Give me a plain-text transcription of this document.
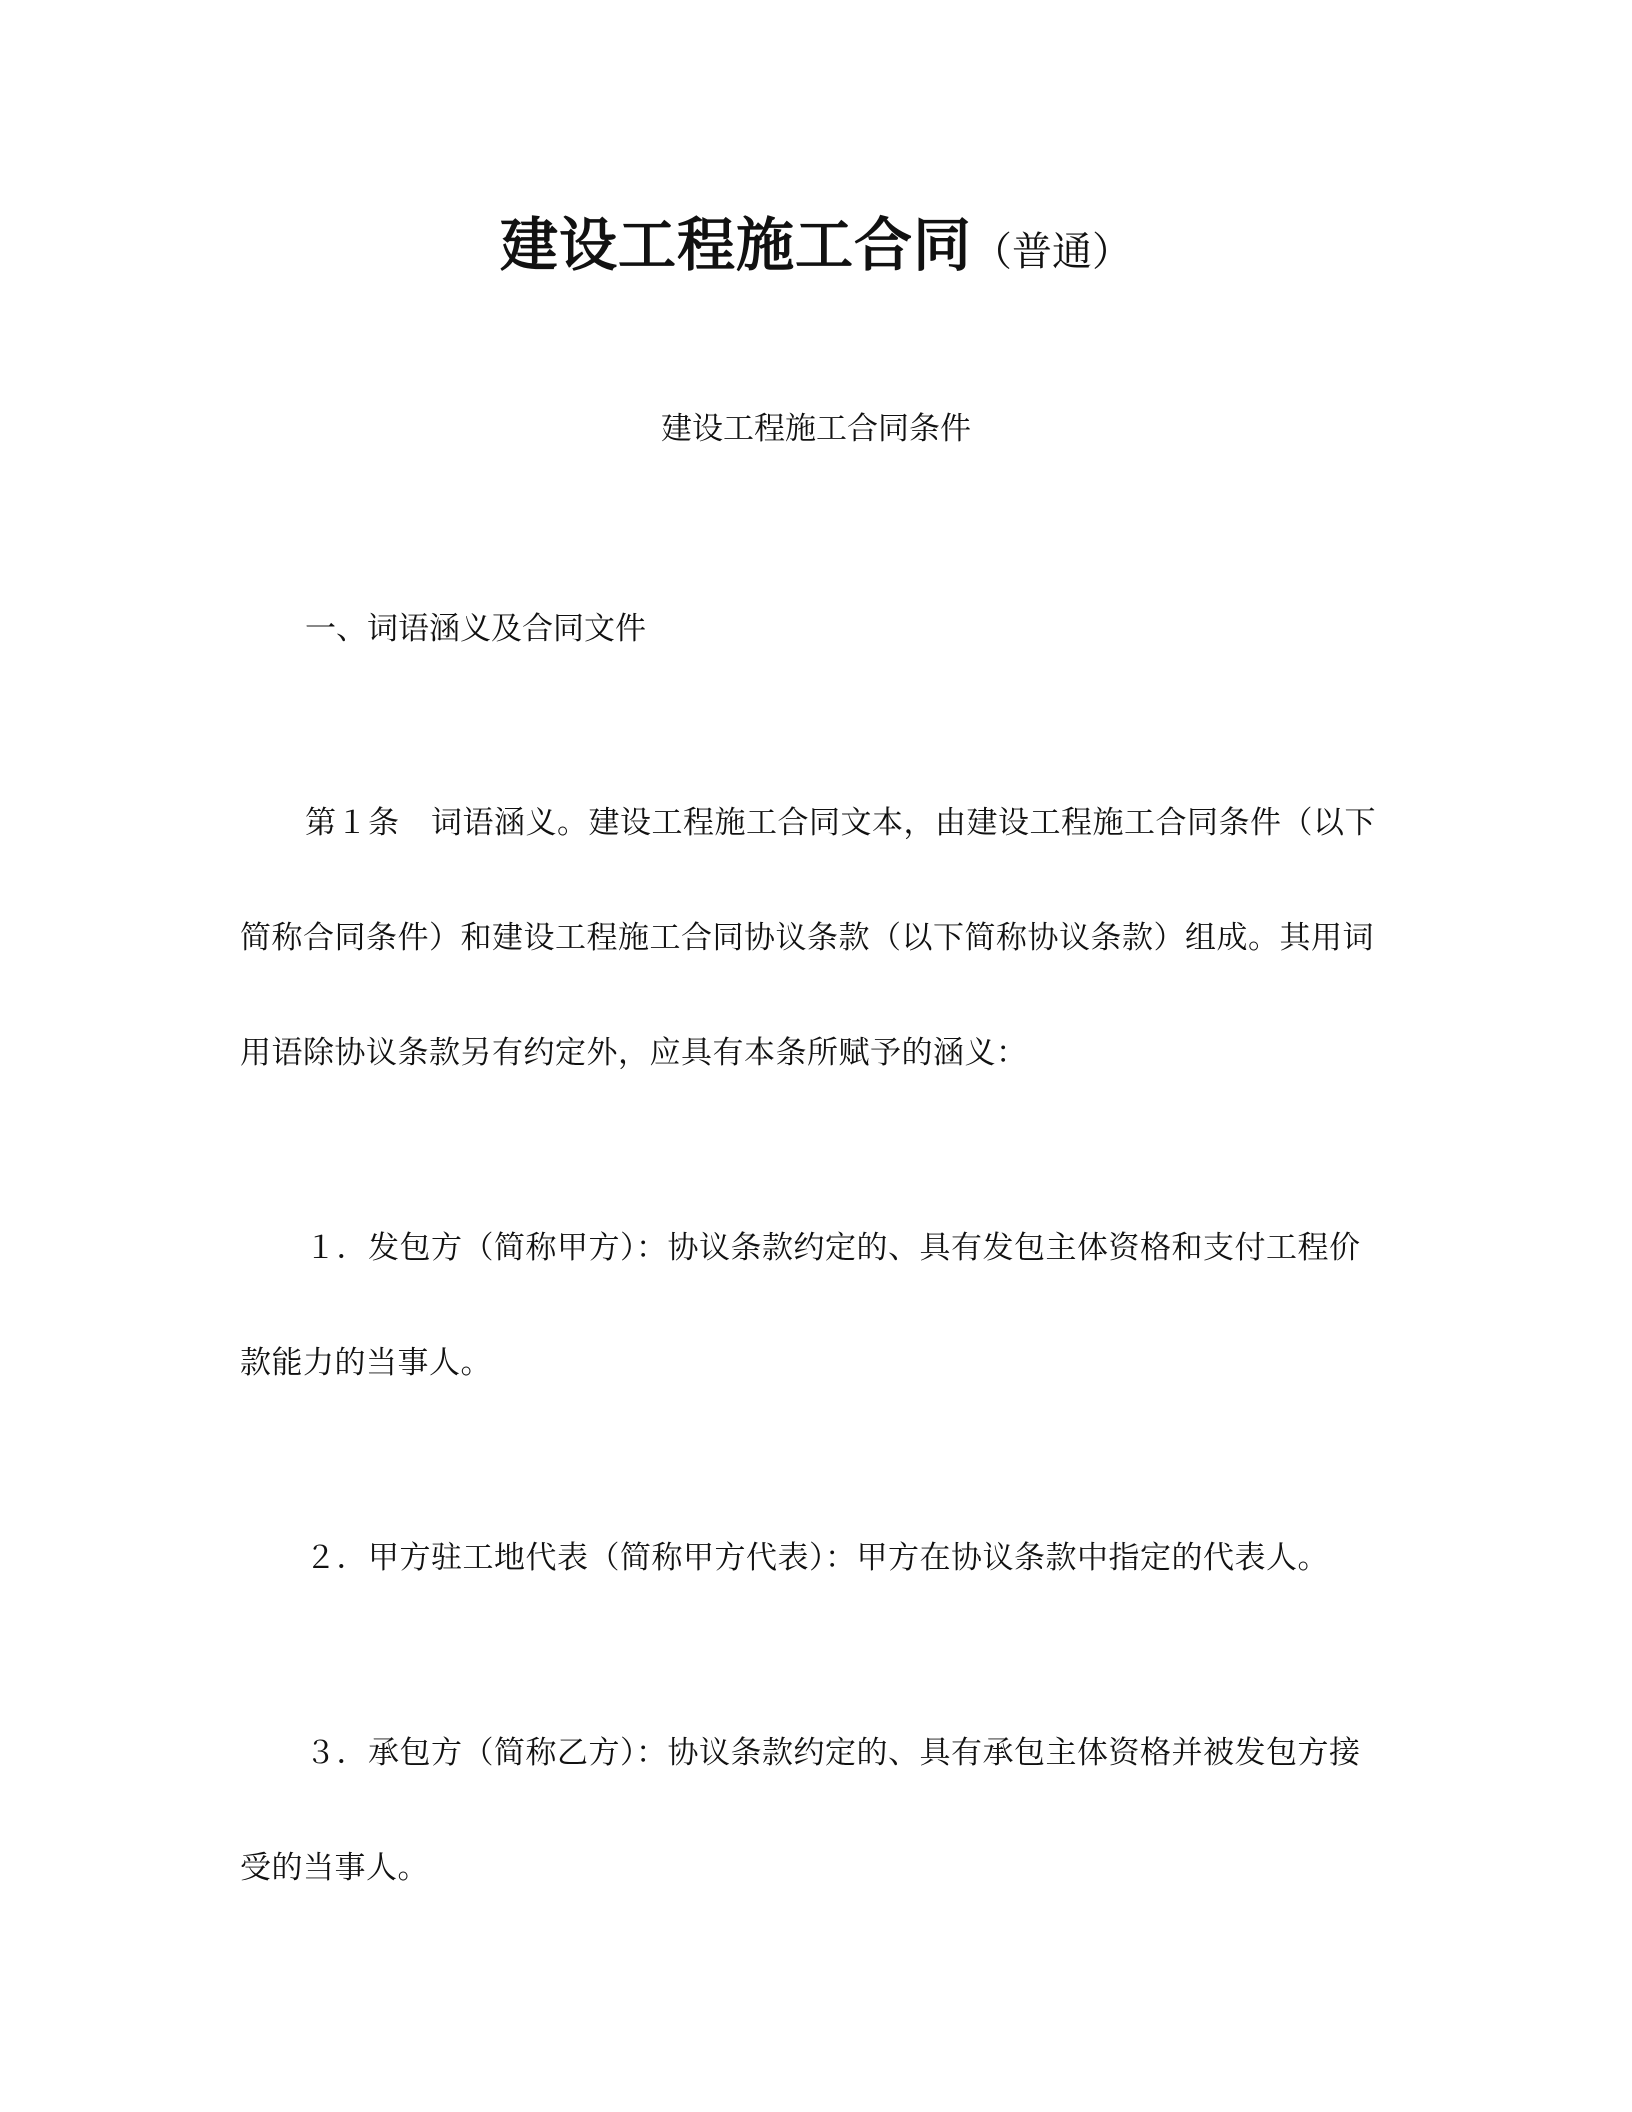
建设工程施工合同（普通）
建设工程施工合同条件
一、词语涵义及合同文件
第１条　词语涵义。建设工程施工合同文本，由建设工程施工合同条件（以下
简称合同条件）和建设工程施工合同协议条款（以下简称协议条款）组成。其用词
用语除协议条款另有约定外，应具有本条所赋予的涵义：
１．发包方（简称甲方）：协议条款约定的、具有发包主体资格和支付工程价
款能力的当事人。
２．甲方驻工地代表（简称甲方代表）：甲方在协议条款中指定的代表人。
３．承包方（简称乙方）：协议条款约定的、具有承包主体资格并被发包方接
受的当事人。
